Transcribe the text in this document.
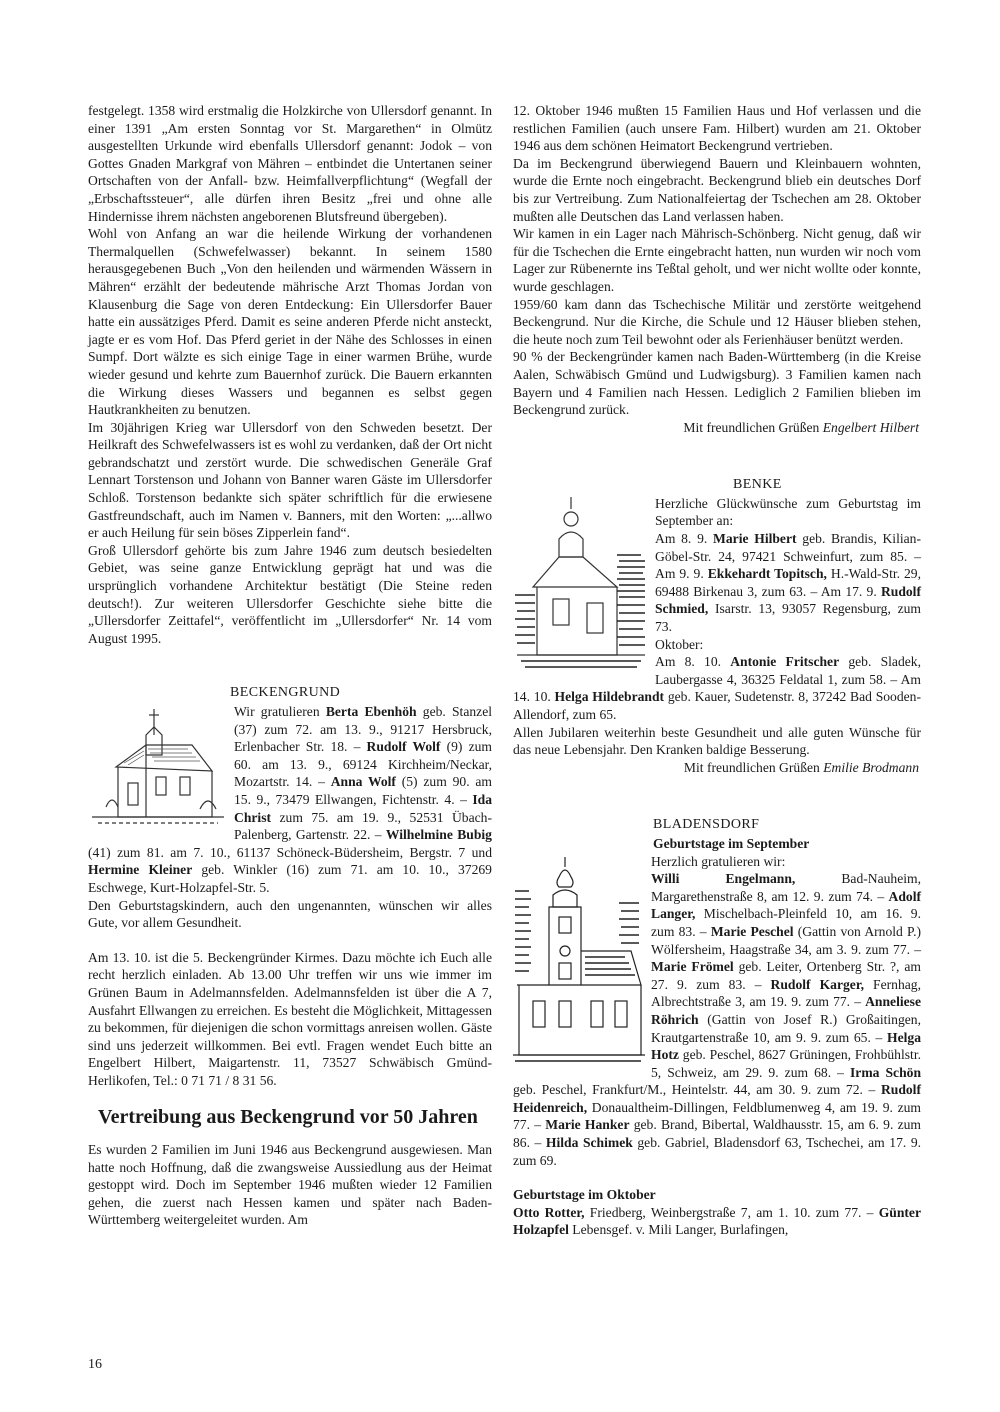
festgelegt. 1358 wird erstmalig die Holzkirche von Ullersdorf genannt. In einer 1391 „Am ersten Sonntag vor St. Margarethen“ in Olmütz ausgestellten Urkunde wird ebenfalls Ullersdorf genannt: Jodok – von Gottes Gnaden Markgraf von Mähren – entbindet die Untertanen seiner Ortschaften von der Anfall- bzw. Heimfallverpflichtung“ (Wegfall der „Erbschaftssteuer“, alle dürfen ihren Besitz „frei und ohne alle Hindernisse ihrem nächsten angeborenen Blutsfreund übergeben).

Wohl von Anfang an war die heilende Wirkung der vorhandenen Thermalquellen (Schwefelwasser) bekannt. In seinem 1580 herausgegebenen Buch „Von den heilenden und wärmenden Wässern in Mähren“ erzählt der bedeutende mährische Arzt Thomas Jordan von Klausenburg die Sage von deren Entdeckung: Ein Ullersdorfer Bauer hatte ein aussätziges Pferd. Damit es seine anderen Pferde nicht ansteckt, jagte er es vom Hof. Das Pferd geriet in der Nähe des Schlosses in einen Sumpf. Dort wälzte es sich einige Tage in einer warmen Brühe, wurde wieder gesund und kehrte zum Bauernhof zurück. Die Bauern erkannten die Wirkung dieses Wassers und begannen es selbst gegen Hautkrankheiten zu benutzen.

Im 30jährigen Krieg war Ullersdorf von den Schweden besetzt. Der Heilkraft des Schwefelwassers ist es wohl zu verdanken, daß der Ort nicht gebrandschatzt und zerstört wurde. Die schwedischen Generäle Graf Lennart Torstenson und Johann von Banner waren Gäste im Ullersdorfer Schloß. Torstenson bedankte sich später schriftlich für die erwiesene Gastfreundschaft, auch im Namen v. Banners, mit den Worten: „...allwo er auch Heilung für sein böses Zipperlein fand“.

Groß Ullersdorf gehörte bis zum Jahre 1946 zum deutsch besiedelten Gebiet, was seine ganze Entwicklung geprägt hat und was die ursprünglich vorhandene Architektur bestätigt (Die Steine reden deutsch!). Zur weiteren Ullersdorfer Geschichte siehe bitte die „Ullersdorfer Zeittafel“, veröffentlicht im „Ullersdorfer“ Nr. 14 vom August 1995.

BECKENGRUND

Wir gratulieren Berta Ebenhöh geb. Stanzel (37) zum 72. am 13. 9., 91217 Hersbruck, Erlenbacher Str. 18. – Rudolf Wolf (9) zum 60. am 13. 9., 69124 Kirchheim/Neckar, Mozartstr. 14. – Anna Wolf (5) zum 90. am 15. 9., 73479 Ellwangen, Fichtenstr. 4. – Ida Christ zum 75. am 19. 9., 52531 Übach-Palenberg, Gartenstr. 22. – Wilhelmine Bubig (41) zum 81. am 7. 10., 61137 Schöneck-Büdersheim, Bergstr. 7 und Hermine Kleiner geb. Winkler (16) zum 71. am 10. 10., 37269 Eschwege, Kurt-Holzapfel-Str. 5.

Den Geburtstagskindern, auch den ungenannten, wünschen wir alles Gute, vor allem Gesundheit.

Am 13. 10. ist die 5. Beckengründer Kirmes. Dazu möchte ich Euch alle recht herzlich einladen. Ab 13.00 Uhr treffen wir uns wie immer im Grünen Baum in Adelmannsfelden. Adelmannsfelden ist über die A 7, Ausfahrt Ellwangen zu erreichen. Es besteht die Möglichkeit, Mittagessen zu bekommen, für diejenigen die schon vormittags anreisen wollen. Gäste sind uns jederzeit willkommen. Bei evtl. Fragen wendet Euch bitte an Engelbert Hilbert, Maigartenstr. 11, 73527 Schwäbisch Gmünd-Herlikofen, Tel.: 0 71 71 / 8 31 56.

Vertreibung aus Beckengrund vor 50 Jahren

Es wurden 2 Familien im Juni 1946 aus Beckengrund ausgewiesen. Man hatte noch Hoffnung, daß die zwangsweise Aussiedlung aus der Heimat gestoppt wird. Doch im September 1946 mußten wieder 12 Familien gehen, die zuerst nach Hessen kamen und später nach Baden-Württemberg weitergeleitet wurden. Am

12. Oktober 1946 mußten 15 Familien Haus und Hof verlassen und die restlichen Familien (auch unsere Fam. Hilbert) wurden am 21. Oktober 1946 aus dem schönen Heimatort Beckengrund vertrieben.

Da im Beckengrund überwiegend Bauern und Kleinbauern wohnten, wurde die Ernte noch eingebracht. Beckengrund blieb ein deutsches Dorf bis zur Vertreibung. Zum Nationalfeiertag der Tschechen am 28. Oktober mußten alle Deutschen das Land verlassen haben.

Wir kamen in ein Lager nach Mährisch-Schönberg. Nicht genug, daß wir für die Tschechen die Ernte eingebracht hatten, nun wurden wir noch vom Lager zur Rübenernte ins Teßtal geholt, und wer nicht wollte oder konnte, wurde geschlagen.

1959/60 kam dann das Tschechische Militär und zerstörte weitgehend Beckengrund. Nur die Kirche, die Schule und 12 Häuser blieben stehen, die heute noch zum Teil bewohnt oder als Ferienhäuser benützt werden.

90 % der Beckengründer kamen nach Baden-Württemberg (in die Kreise Aalen, Schwäbisch Gmünd und Ludwigsburg). 3 Familien kamen nach Bayern und 4 Familien nach Hessen. Lediglich 2 Familien blieben im Beckengrund zurück.

Mit freundlichen Grüßen Engelbert Hilbert

BENKE

Herzliche Glückwünsche zum Geburtstag im September an:

Am 8. 9. Marie Hilbert geb. Brandis, Kilian-Göbel-Str. 24, 97421 Schweinfurt, zum 85. – Am 9. 9. Ekkehardt Topitsch, H.-Wald-Str. 29, 69488 Birkenau 3, zum 63. – Am 17. 9. Rudolf Schmied, Isarstr. 13, 93057 Regensburg, zum 73.

Oktober:

Am 8. 10. Antonie Fritscher geb. Sladek, Laubergasse 4, 36325 Feldatal 1, zum 58. – Am 14. 10. Helga Hildebrandt geb. Kauer, Sudetenstr. 8, 37242 Bad Sooden-Allendorf, zum 65.

Allen Jubilaren weiterhin beste Gesundheit und alle guten Wünsche für das neue Lebensjahr. Den Kranken baldige Besserung.

Mit freundlichen Grüßen Emilie Brodmann

BLADENSDORF
Geburtstage im September

Herzlich gratulieren wir:

Willi Engelmann, Bad-Nauheim, Margarethenstraße 8, am 12. 9. zum 74. – Adolf Langer, Mischelbach-Pleinfeld 10, am 16. 9. zum 83. – Marie Peschel (Gattin von Arnold P.) Wölfersheim, Haagstraße 34, am 3. 9. zum 77. – Marie Frömel geb. Leiter, Ortenberg Str. ?, am 27. 9. zum 83. – Rudolf Karger, Fernhag, Albrechtstraße 3, am 19. 9. zum 77. – Anneliese Röhrich (Gattin von Josef R.) Großaitingen, Krautgartenstraße 10, am 9. 9. zum 65. – Helga Hotz geb. Peschel, 8627 Grüningen, Frohbühlstr. 5, Schweiz, am 29. 9. zum 68. – Irma Schön geb. Peschel, Frankfurt/M., Heintelstr. 44, am 30. 9. zum 72. – Rudolf Heidenreich, Donaualtheim-Dillingen, Feldblumenweg 4, am 19. 9. zum 77. – Marie Hanker geb. Brand, Bibertal, Waldhausstr. 15, am 6. 9. zum 86. – Hilda Schimek geb. Gabriel, Bladensdorf 63, Tschechei, am 17. 9. zum 69.

Geburtstage im Oktober

Otto Rotter, Friedberg, Weinbergstraße 7, am 1. 10. zum 77. – Günter Holzapfel Lebensgef. v. Mili Langer, Burlafingen,

16
